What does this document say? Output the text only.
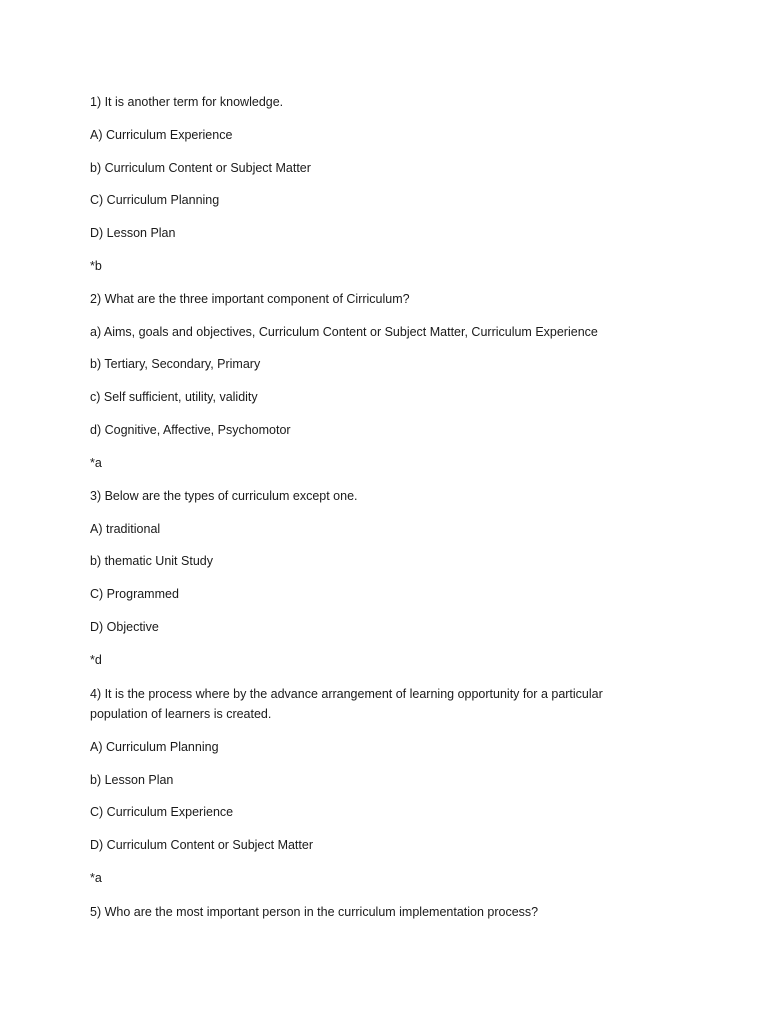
1) It is another term for knowledge.
A) Curriculum Experience
b) Curriculum Content or Subject Matter
C) Curriculum Planning
D) Lesson Plan
*b
2) What are the three important component of Cirriculum?
a) Aims, goals and objectives, Curriculum Content or Subject Matter, Curriculum Experience
b) Tertiary, Secondary, Primary
c) Self sufficient, utility, validity
d) Cognitive, Affective, Psychomotor
*a
3) Below are the types of curriculum except one.
A) traditional
b) thematic Unit Study
C) Programmed
D) Objective
*d
4) It is the process where by the advance arrangement of learning opportunity for a particular population of learners is created.
A) Curriculum Planning
b) Lesson Plan
C) Curriculum Experience
D) Curriculum Content or Subject Matter
*a
5) Who are the most important person in the curriculum implementation process?
